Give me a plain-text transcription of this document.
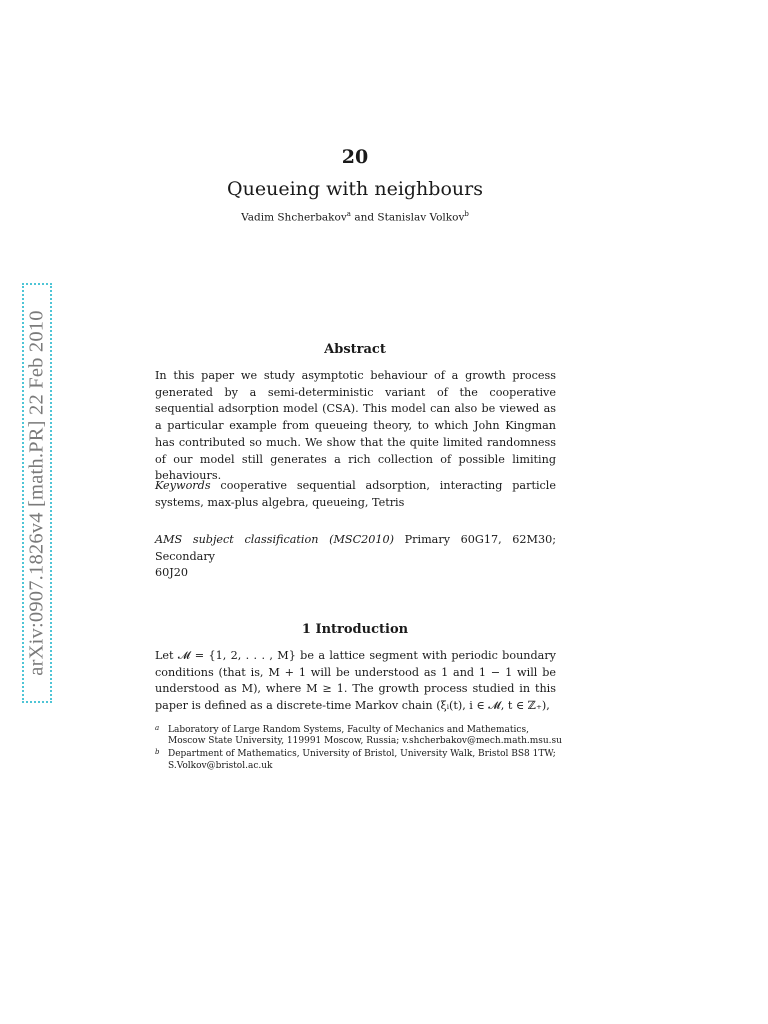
arXiv:0907.1826v4 [math.PR] 22 Feb 2010
20
Queueing with neighbours
Vadim Shcherbakov$^a$ and Stanislav Volkov$^b$
Abstract

In this paper we study asymptotic behaviour of a growth process generated by a semi-deterministic variant of the cooperative sequential adsorption model (CSA). This model can also be viewed as a particular example from queueing theory, to which John Kingman has contributed so much. We show that the quite limited randomness of our model still generates a rich collection of possible limiting behaviours.

Keywords cooperative sequential adsorption, interacting particle systems, max-plus algebra, queueing, Tetris

AMS subject classification (MSC2010) Primary 60G17, 62M30; Secondary

60J20

1 Introduction

Let 𝓜 = {1, 2, . . . , M} be a lattice segment with periodic boundary conditions (that is, M + 1 will be understood as 1 and 1 − 1 will be understood as M), where M ≥ 1. The growth process studied in this paper is defined as a discrete-time Markov chain (ξᵢ(t), i ∈ 𝓜, t ∈ ℤ₊),

a Laboratory of Large Random Systems, Faculty of Mechanics and Mathematics, Moscow State University, 119991 Moscow, Russia; v.shcherbakov@mech.math.msu.su
b Department of Mathematics, University of Bristol, University Walk, Bristol BS8 1TW; S.Volkov@bristol.ac.uk
